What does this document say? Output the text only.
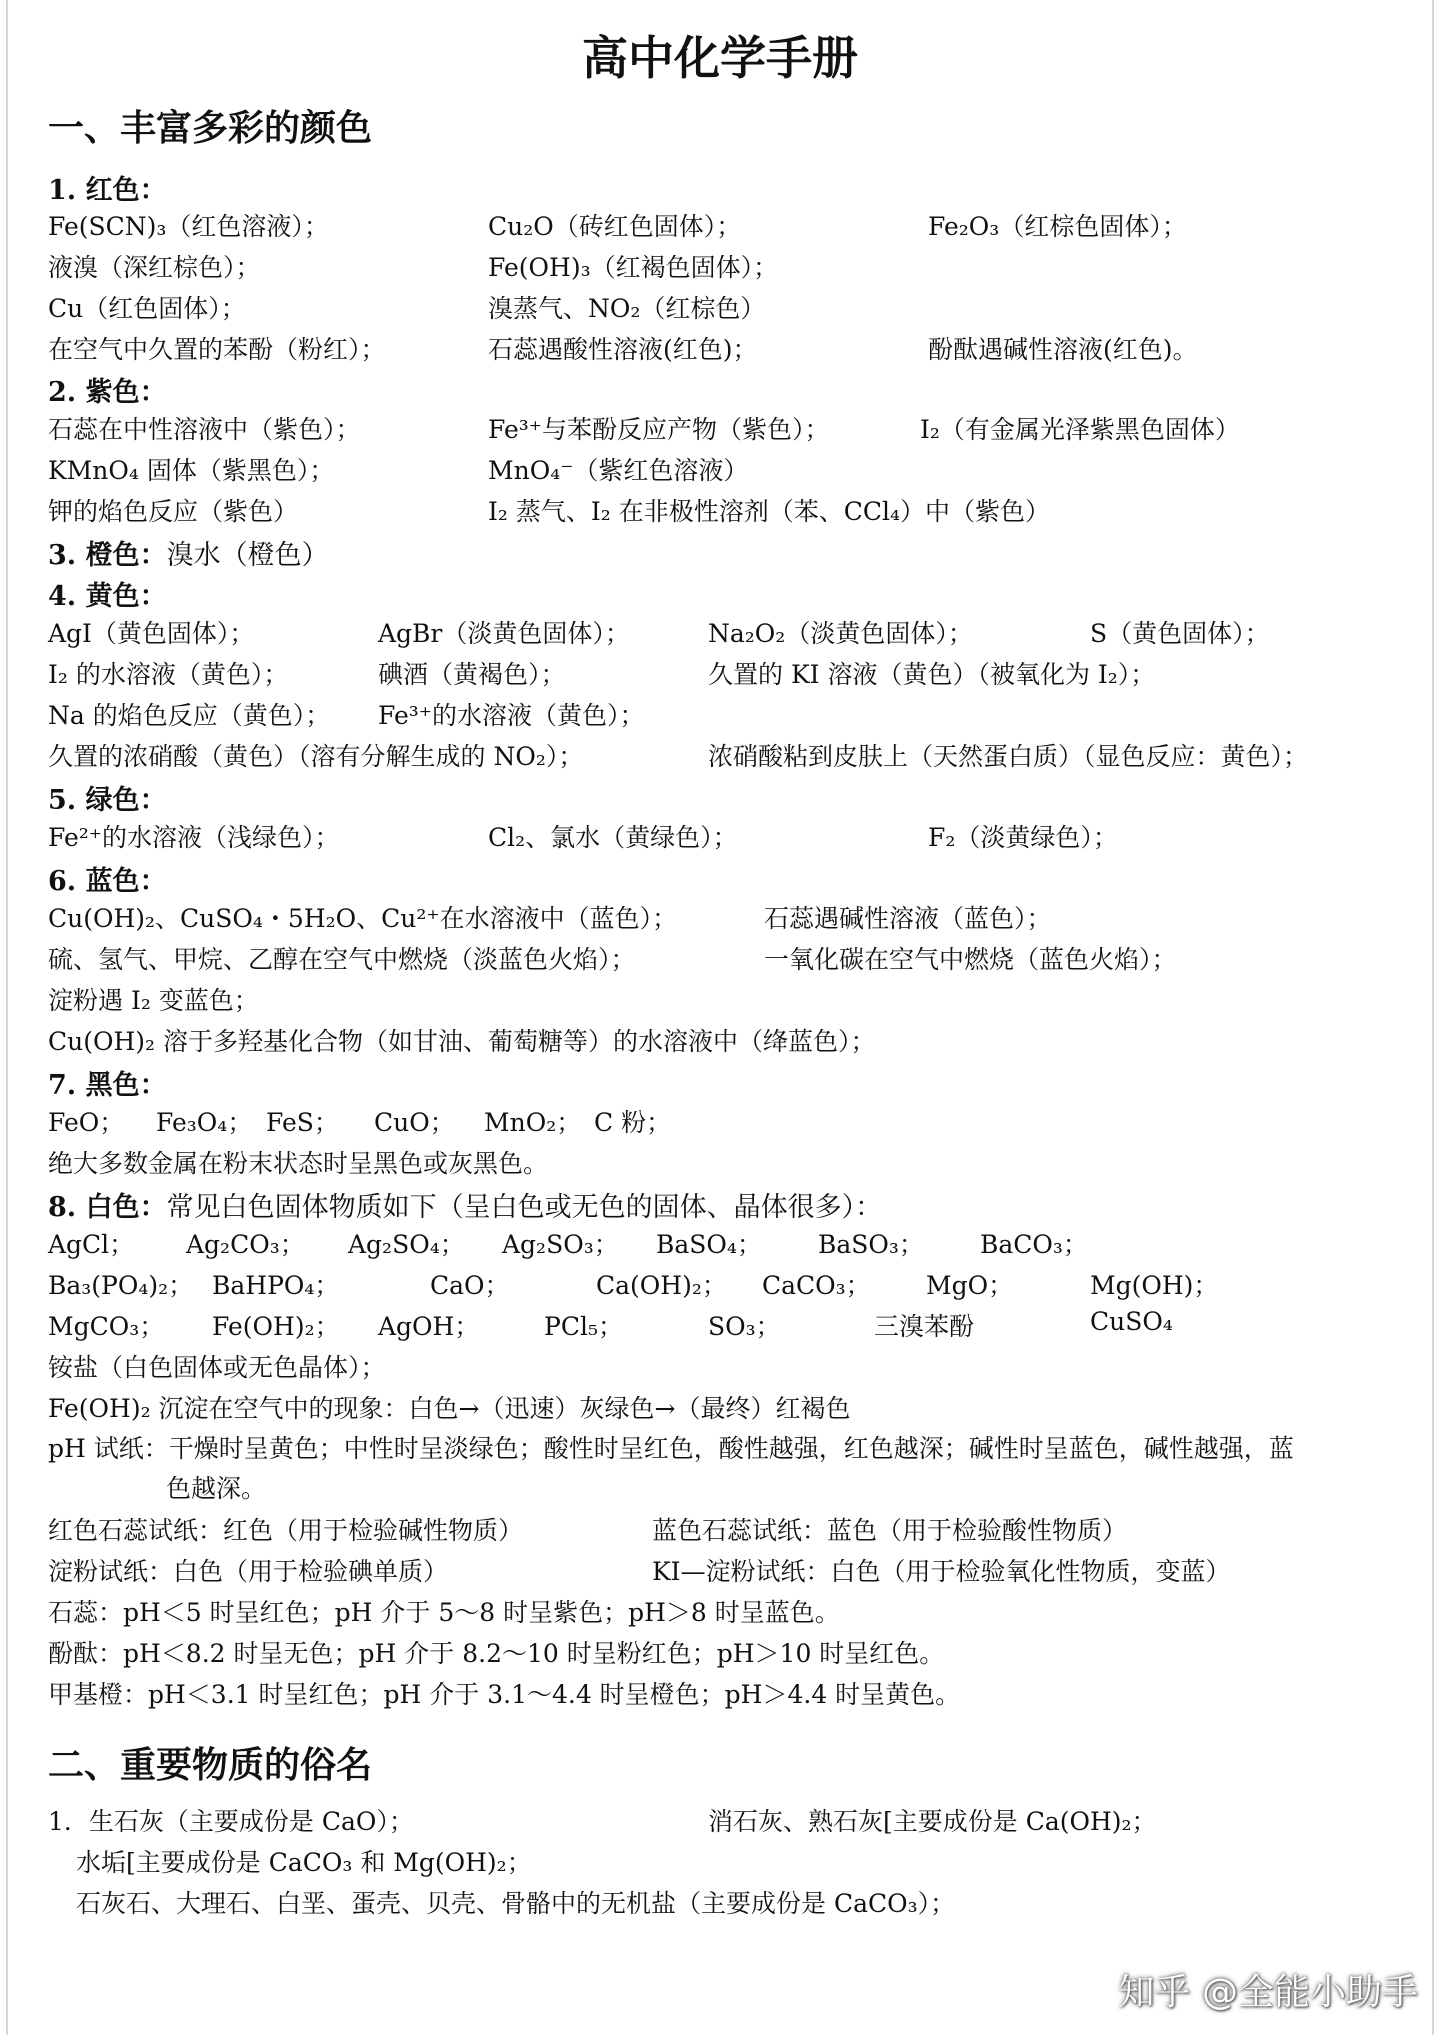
高中化学手册
一、丰富多彩的颜色
1. 红色：
Fe(SCN)₃（红色溶液）；	Cu₂O（砖红色固体）；	Fe₂O₃（红棕色固体）；
液溴（深红棕色）；	Fe(OH)₃（红褐色固体）；
Cu（红色固体）；	溴蒸气、NO₂（红棕色）
在空气中久置的苯酚（粉红）；	石蕊遇酸性溶液(红色)；	酚酞遇碱性溶液(红色)。
2. 紫色：
石蕊在中性溶液中（紫色）；	Fe³⁺与苯酚反应产物（紫色）；	I₂（有金属光泽紫黑色固体）
KMnO₄ 固体（紫黑色）；	MnO₄⁻（紫红色溶液）
钾的焰色反应（紫色）	I₂ 蒸气、I₂ 在非极性溶剂（苯、CCl₄）中（紫色）
3. 橙色：溴水（橙色）
4. 黄色：
AgI（黄色固体）；	AgBr（淡黄色固体）；	Na₂O₂（淡黄色固体）；	S（黄色固体）；
I₂ 的水溶液（黄色）；	碘酒（黄褐色）；	久置的 KI 溶液（黄色）（被氧化为 I₂）；
Na 的焰色反应（黄色）； Fe³⁺的水溶液（黄色）；
久置的浓硝酸（黄色）（溶有分解生成的 NO₂）；	浓硝酸粘到皮肤上（天然蛋白质）（显色反应：黄色）；
5. 绿色：
Fe²⁺的水溶液（浅绿色）；	Cl₂、氯水（黄绿色）；	F₂（淡黄绿色）；
6. 蓝色：
Cu(OH)₂、CuSO₄・5H₂O、Cu²⁺在水溶液中（蓝色）；	石蕊遇碱性溶液（蓝色）；
硫、氢气、甲烷、乙醇在空气中燃烧（淡蓝色火焰）；	一氧化碳在空气中燃烧（蓝色火焰）；
淀粉遇 I₂ 变蓝色；
Cu(OH)₂ 溶于多羟基化合物（如甘油、葡萄糖等）的水溶液中（绛蓝色）；
7. 黑色：
FeO； Fe₃O₄； FeS； CuO； MnO₂； C 粉；
绝大多数金属在粉末状态时呈黑色或灰黑色。
8. 白色：常见白色固体物质如下（呈白色或无色的固体、晶体很多）：
AgCl； Ag₂CO₃； Ag₂SO₄； Ag₂SO₃； BaSO₄； BaSO₃； BaCO₃；
Ba₃(PO₄)₂； BaHPO₄；	CaO；	Ca(OH)₂； CaCO₃； MgO；	Mg(OH)；
MgCO₃； Fe(OH)₂； AgOH；	PCl₅；	SO₃；	三溴苯酚	CuSO₄
铵盐（白色固体或无色晶体）；
Fe(OH)₂ 沉淀在空气中的现象：白色→（迅速）灰绿色→（最终）红褐色
pH 试纸：干燥时呈黄色；中性时呈淡绿色；酸性时呈红色，酸性越强，红色越深；碱性时呈蓝色，碱性越强，蓝
色越深。
红色石蕊试纸：红色（用于检验碱性物质）	蓝色石蕊试纸：蓝色（用于检验酸性物质）
淀粉试纸：白色（用于检验碘单质）	KI—淀粉试纸：白色（用于检验氧化性物质，变蓝）
石蕊：pH＜5 时呈红色；pH 介于 5～8 时呈紫色；pH＞8 时呈蓝色。
酚酞：pH＜8.2 时呈无色；pH 介于 8.2～10 时呈粉红色；pH＞10 时呈红色。
甲基橙：pH＜3.1 时呈红色；pH 介于 3.1～4.4 时呈橙色；pH＞4.4 时呈黄色。
二、重要物质的俗名
1．生石灰（主要成份是 CaO）；	消石灰、熟石灰[主要成份是 Ca(OH)₂；
水垢[主要成份是 CaCO₃ 和 Mg(OH)₂；
石灰石、大理石、白垩、蛋壳、贝壳、骨骼中的无机盐（主要成份是 CaCO₃）；
知乎 @全能小助手
